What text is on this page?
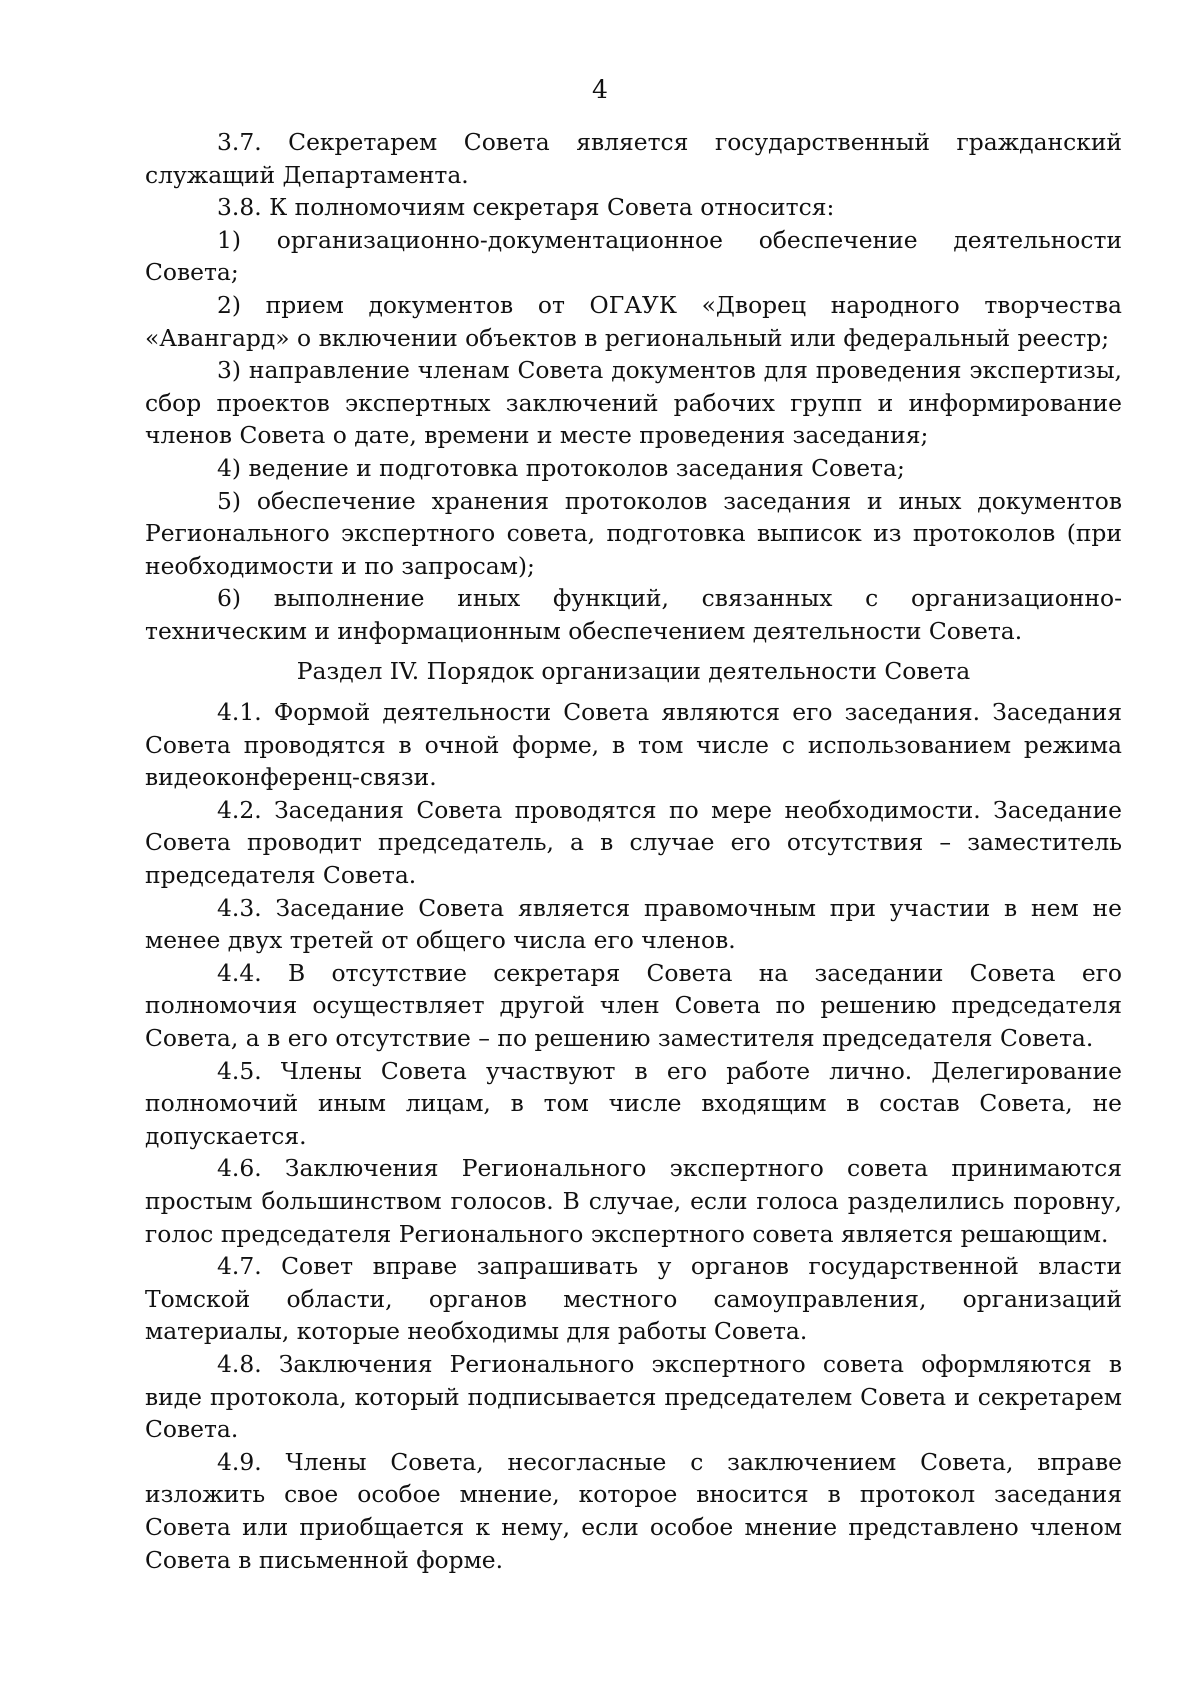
4

3.7. Секретарем Совета является государственный гражданский служащий Департамента.

3.8. К полномочиям секретаря Совета относится:

1) организационно-документационное обеспечение деятельности Совета;

2) прием документов от ОГАУК «Дворец народного творчества «Авангард» о включении объектов в региональный или федеральный реестр;

3) направление членам Совета документов для проведения экспертизы, сбор проектов экспертных заключений рабочих групп и информирование членов Совета о дате, времени и месте проведения заседания;

4) ведение и подготовка протоколов заседания Совета;

5) обеспечение хранения протоколов заседания и иных документов Регионального экспертного совета, подготовка выписок из протоколов (при необходимости и по запросам);

6) выполнение иных функций, связанных с организационно-техническим и информационным обеспечением деятельности Совета.

Раздел IV. Порядок организации деятельности Совета

4.1. Формой деятельности Совета являются его заседания. Заседания Совета проводятся в очной форме, в том числе с использованием режима видеоконференц-связи.

4.2. Заседания Совета проводятся по мере необходимости. Заседание Совета проводит председатель, а в случае его отсутствия – заместитель председателя Совета.

4.3. Заседание Совета является правомочным при участии в нем не менее двух третей от общего числа его членов.

4.4. В отсутствие секретаря Совета на заседании Совета его полномочия осуществляет другой член Совета по решению председателя Совета, а в его отсутствие – по решению заместителя председателя Совета.

4.5. Члены Совета участвуют в его работе лично. Делегирование полномочий иным лицам, в том числе входящим в состав Совета, не допускается.

4.6. Заключения Регионального экспертного совета принимаются простым большинством голосов. В случае, если голоса разделились поровну, голос председателя Регионального экспертного совета является решающим.

4.7. Совет вправе запрашивать у органов государственной власти Томской области, органов местного самоуправления, организаций материалы, которые необходимы для работы Совета.

4.8. Заключения Регионального экспертного совета оформляются в виде протокола, который подписывается председателем Совета и секретарем Совета.

4.9. Члены Совета, несогласные с заключением Совета, вправе изложить свое особое мнение, которое вносится в протокол заседания Совета или приобщается к нему, если особое мнение представлено членом Совета в письменной форме.
